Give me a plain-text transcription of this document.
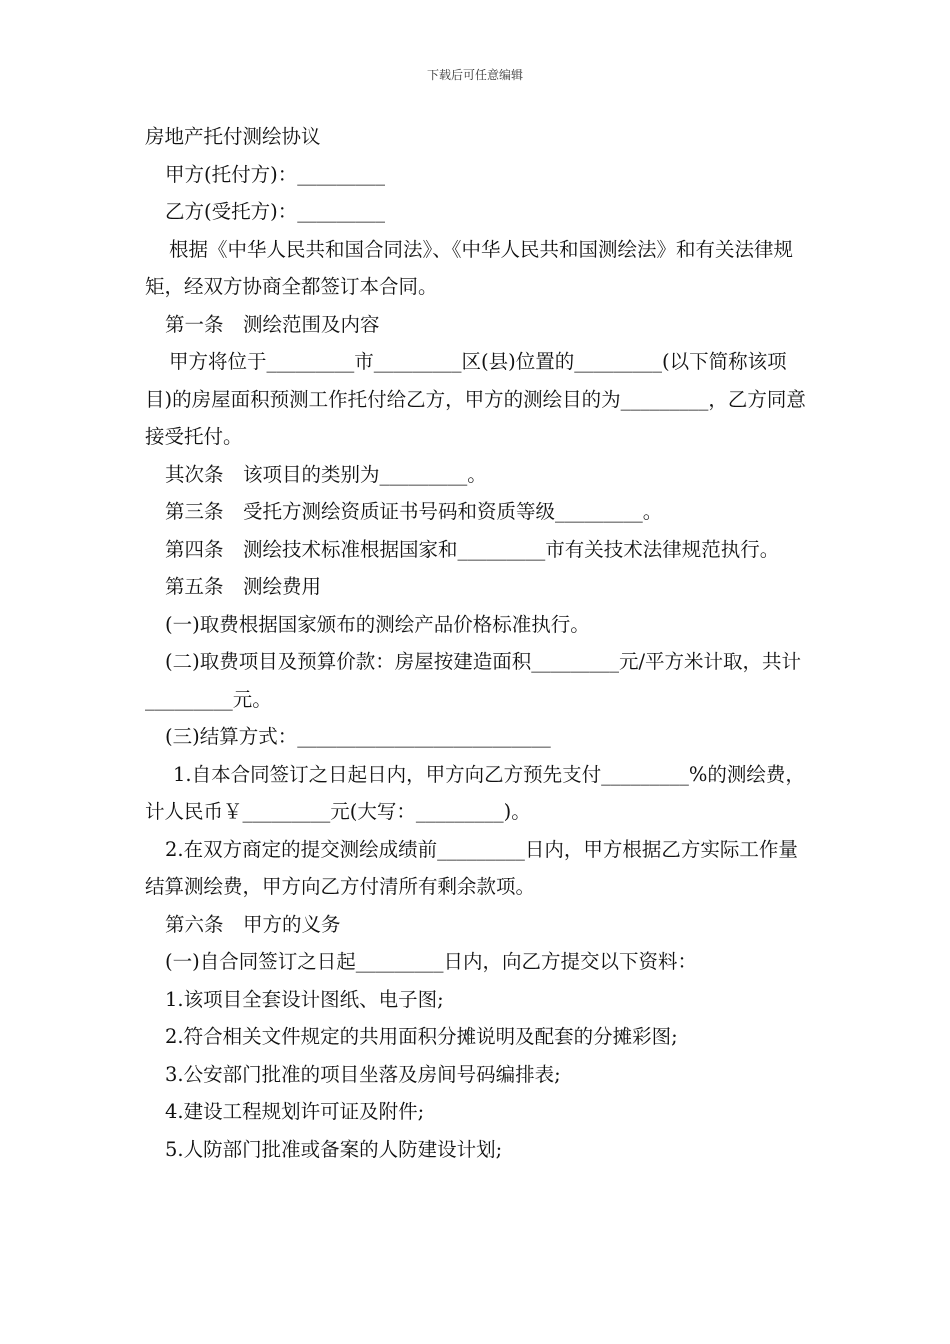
下载后可任意编辑

房地产托付测绘协议

甲方(托付方)：_________

乙方(受托方)：_________

根据《中华人民共和国合同法》、《中华人民共和国测绘法》和有关法律规矩，经双方协商全都签订本合同。

第一条　测绘范围及内容

甲方将位于_________市_________区(县)位置的_________(以下简称该项目)的房屋面积预测工作托付给乙方，甲方的测绘目的为_________，乙方同意接受托付。

其次条　该项目的类别为_________。

第三条　受托方测绘资质证书号码和资质等级_________。

第四条　测绘技术标准根据国家和_________市有关技术法律规范执行。

第五条　测绘费用

(一)取费根据国家颁布的测绘产品价格标准执行。

(二)取费项目及预算价款：房屋按建造面积_________元/平方米计取，共计_________元。

(三)结算方式：__________________________

1.自本合同签订之日起日内，甲方向乙方预先支付_________%的测绘费，计人民币￥_________元(大写：_________)。

2.在双方商定的提交测绘成绩前_________日内，甲方根据乙方实际工作量结算测绘费，甲方向乙方付清所有剩余款项。

第六条　甲方的义务

(一)自合同签订之日起_________日内，向乙方提交以下资料：

1.该项目全套设计图纸、电子图;

2.符合相关文件规定的共用面积分摊说明及配套的分摊彩图;

3.公安部门批准的项目坐落及房间号码编排表;

4.建设工程规划许可证及附件;

5.人防部门批准或备案的人防建设计划;
